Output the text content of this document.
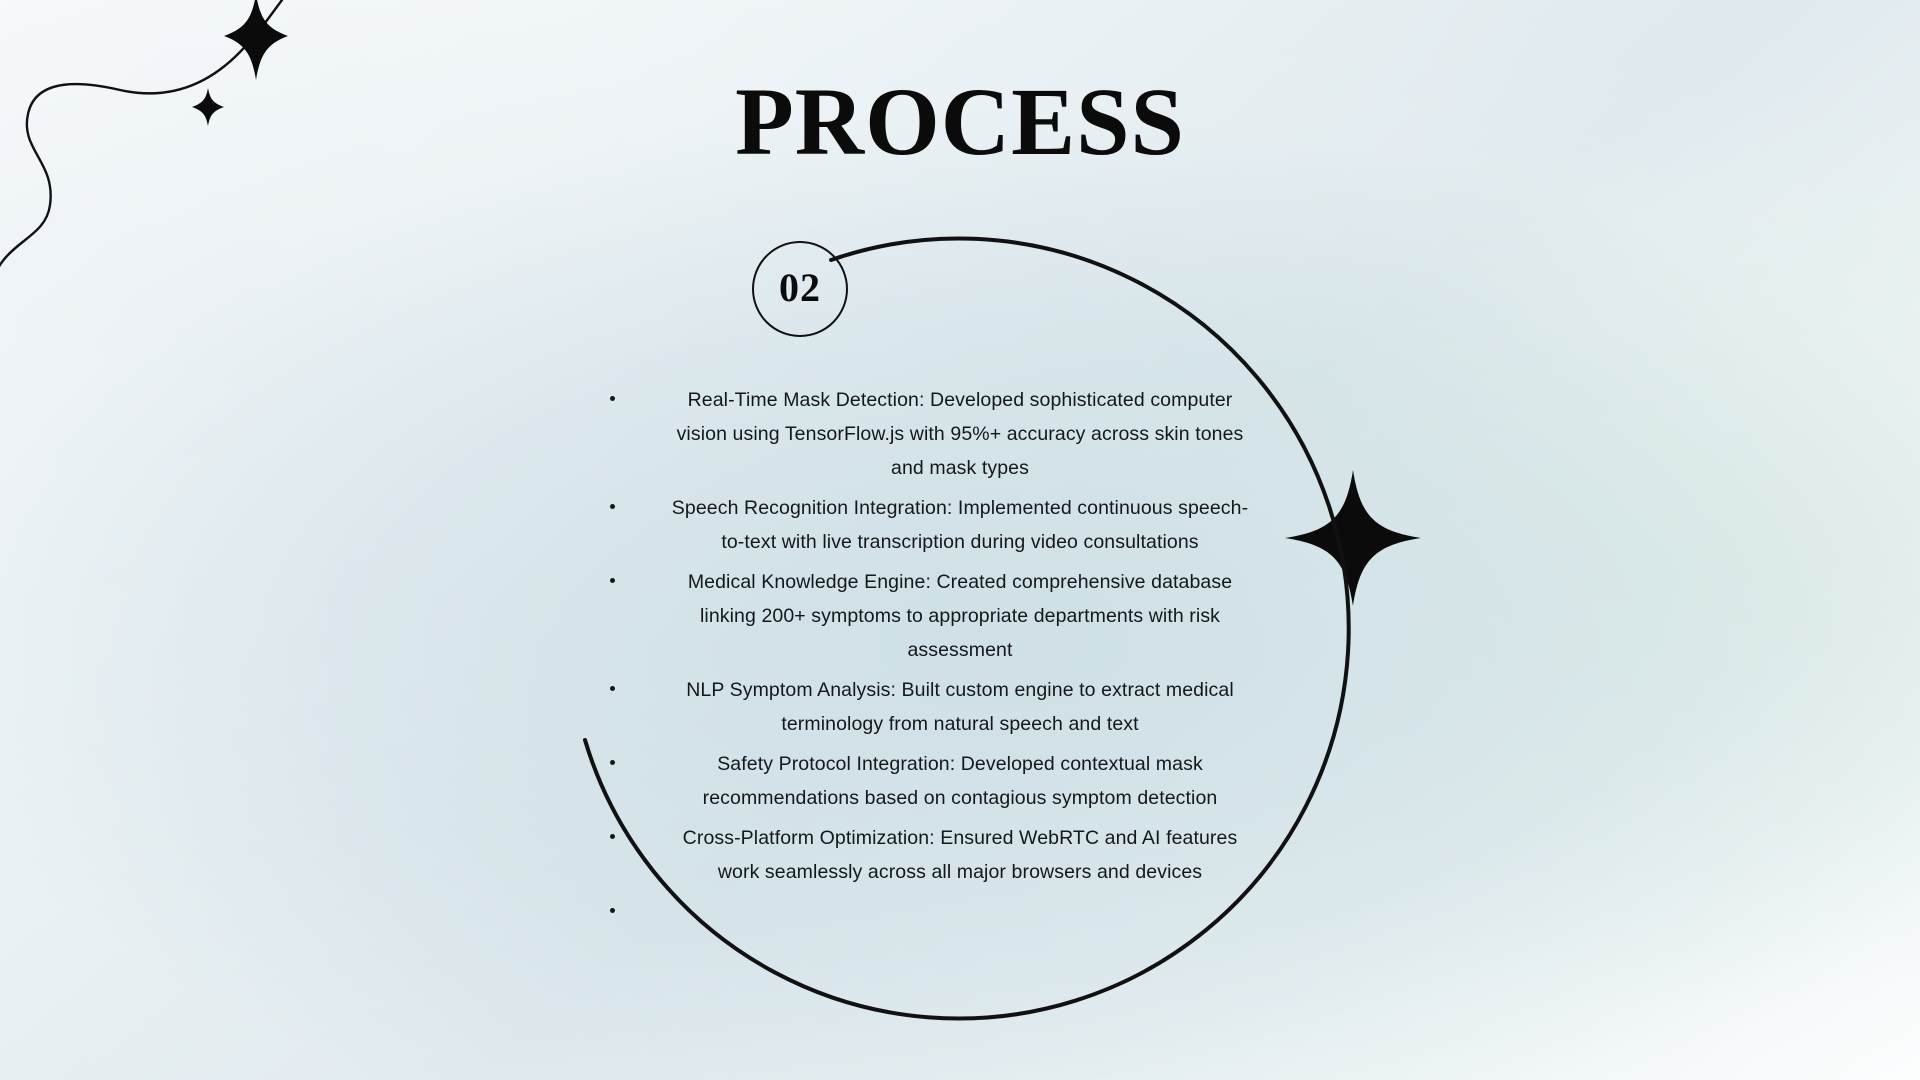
PROCESS
02
Real-Time Mask Detection: Developed sophisticated computer vision using TensorFlow.js with 95%+ accuracy across skin tones and mask types
Speech Recognition Integration: Implemented continuous speech-to-text with live transcription during video consultations
Medical Knowledge Engine: Created comprehensive database linking 200+ symptoms to appropriate departments with risk assessment
NLP Symptom Analysis: Built custom engine to extract medical terminology from natural speech and text
Safety Protocol Integration: Developed contextual mask recommendations based on contagious symptom detection
Cross-Platform Optimization: Ensured WebRTC and AI features work seamlessly across all major browsers and devices
